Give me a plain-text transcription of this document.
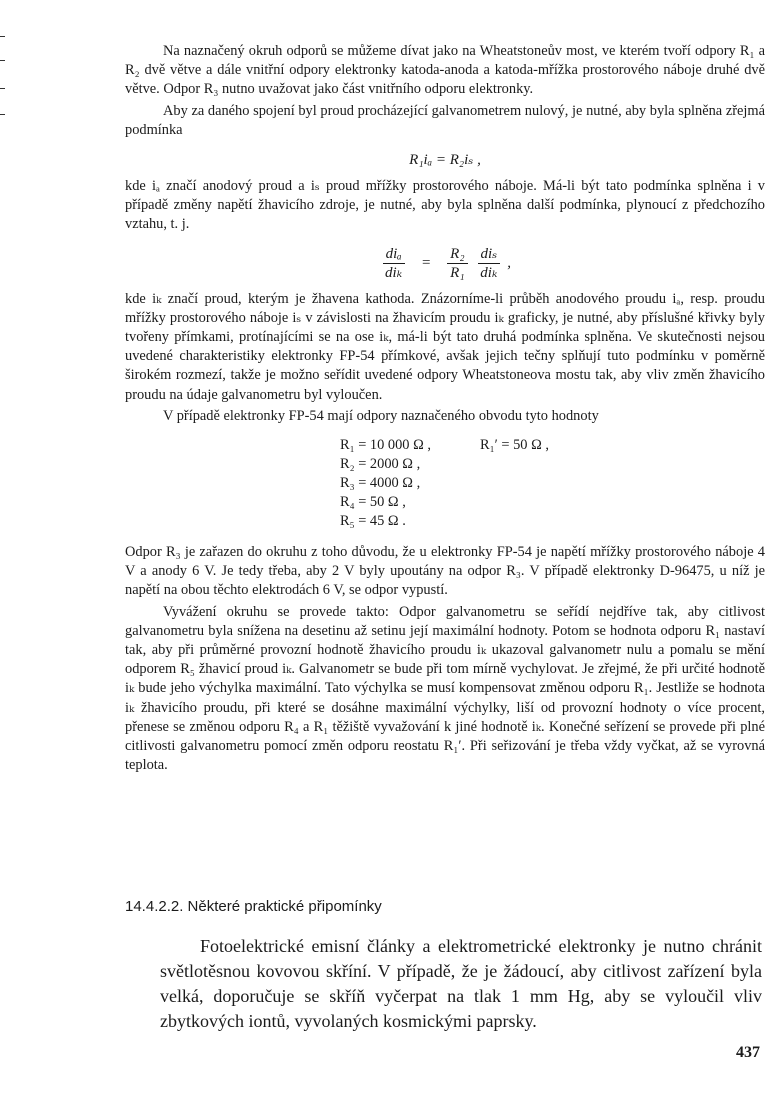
Na naznačený okruh odporů se můžeme dívat jako na Wheatstoneův most, ve kterém tvoří odpory R₁ a R₂ dvě větve a dále vnitřní odpory elektronky katoda-anoda a katoda-mřížka prostorového náboje druhé dvě větve. Odpor R₃ nutno uvažovat jako část vnitřního odporu elektronky.

Aby za daného spojení byl proud procházející galvanometrem nulový, je nutné, aby byla splněna zřejmá podmínka

R₁iₐ = R₂iₛ ,

kde iₐ značí anodový proud a iₛ proud mřížky prostorového náboje. Má-li být tato podmínka splněna i v případě změny napětí žhavicího zdroje, je nutné, aby byla splněna další podmínka, plynoucí z předchozího vztahu, t. j.

$\frac{\text{diₐ}}{\text{diₖ}} = \frac{\text{R₂}}{\text{R₁}}$
$\frac{\text{diₛ}}{\text{diₖ}}$ ,

kde iₖ značí proud, kterým je žhavena kathoda. Znázorníme-li průběh anodového proudu iₐ, resp. proudu mřížky prostorového náboje iₛ v závislosti na žhavicím proudu iₖ graficky, je nutné, aby příslušné křivky byly tvořeny přímkami, protínajícími se na ose iₖ, má-li být tato druhá podmínka splněna. Ve skutečnosti nejsou uvedené charakteristiky elektronky FP-54 přímkové, avšak jejich tečny splňují tuto podmínku v poměrně širokém rozmezí, takže je možno seřídit uvedené odpory Wheatstoneova mostu tak, aby vliv změn žhavicího proudu na údaje galvanometru byl vyloučen.

V případě elektronky FP-54 mají odpory naznačeného obvodu tyto hodnoty

R₁ = 10 000 Ω ,	R₁′ = 50 Ω ,
R₂ = 2000 Ω ,
R₃ = 4000 Ω ,
R₄ = 50 Ω ,
R₅ = 45 Ω .

Odpor R₃ je zařazen do okruhu z toho důvodu, že u elektronky FP-54 je napětí mřížky prostorového náboje 4 V a anody 6 V. Je tedy třeba, aby 2 V byly upoutány na odpor R₃. V případě elektronky D-96475, u níž je napětí na obou těchto elektrodách 6 V, se odpor vypustí.

Vyvážení okruhu se provede takto: Odpor galvanometru se seřídí nejdříve tak, aby citlivost galvanometru byla snížena na desetinu až setinu její maximální hodnoty. Potom se hodnota odporu R₁ nastaví tak, aby při průměrné provozní hodnotě žhavicího proudu iₖ ukazoval galvanometr nulu a pomalu se mění odporem R₅ žhavicí proud iₖ. Galvanometr se bude při tom mírně vychylovat. Je zřejmé, že při určité hodnotě iₖ bude jeho výchylka maximální. Tato výchylka se musí kompensovat změnou odporu R₁. Jestliže se hodnota iₖ žhavicího proudu, při které se dosáhne maximální výchylky, liší od provozní hodnoty o více procent, přenese se změnou odporu R₄ a R₁ těžiště vyvažování k jiné hodnotě iₖ. Konečné seřízení se provede při plné citlivosti galvanometru pomocí změn odporu reostatu R₁′. Při seřizování je třeba vždy vyčkat, až se vyrovná teplota.

14.4.2.2. Některé praktické připomínky
Fotoelektrické emisní články a elektrometrické elektronky je nutno chránit světlotěsnou kovovou skříní. V případě, že je žádoucí, aby citlivost zařízení byla velká, doporučuje se skříň vyčerpat na tlak 1 mm Hg, aby se vyloučil vliv zbytkových iontů, vyvolaných kosmickými paprsky.
437
